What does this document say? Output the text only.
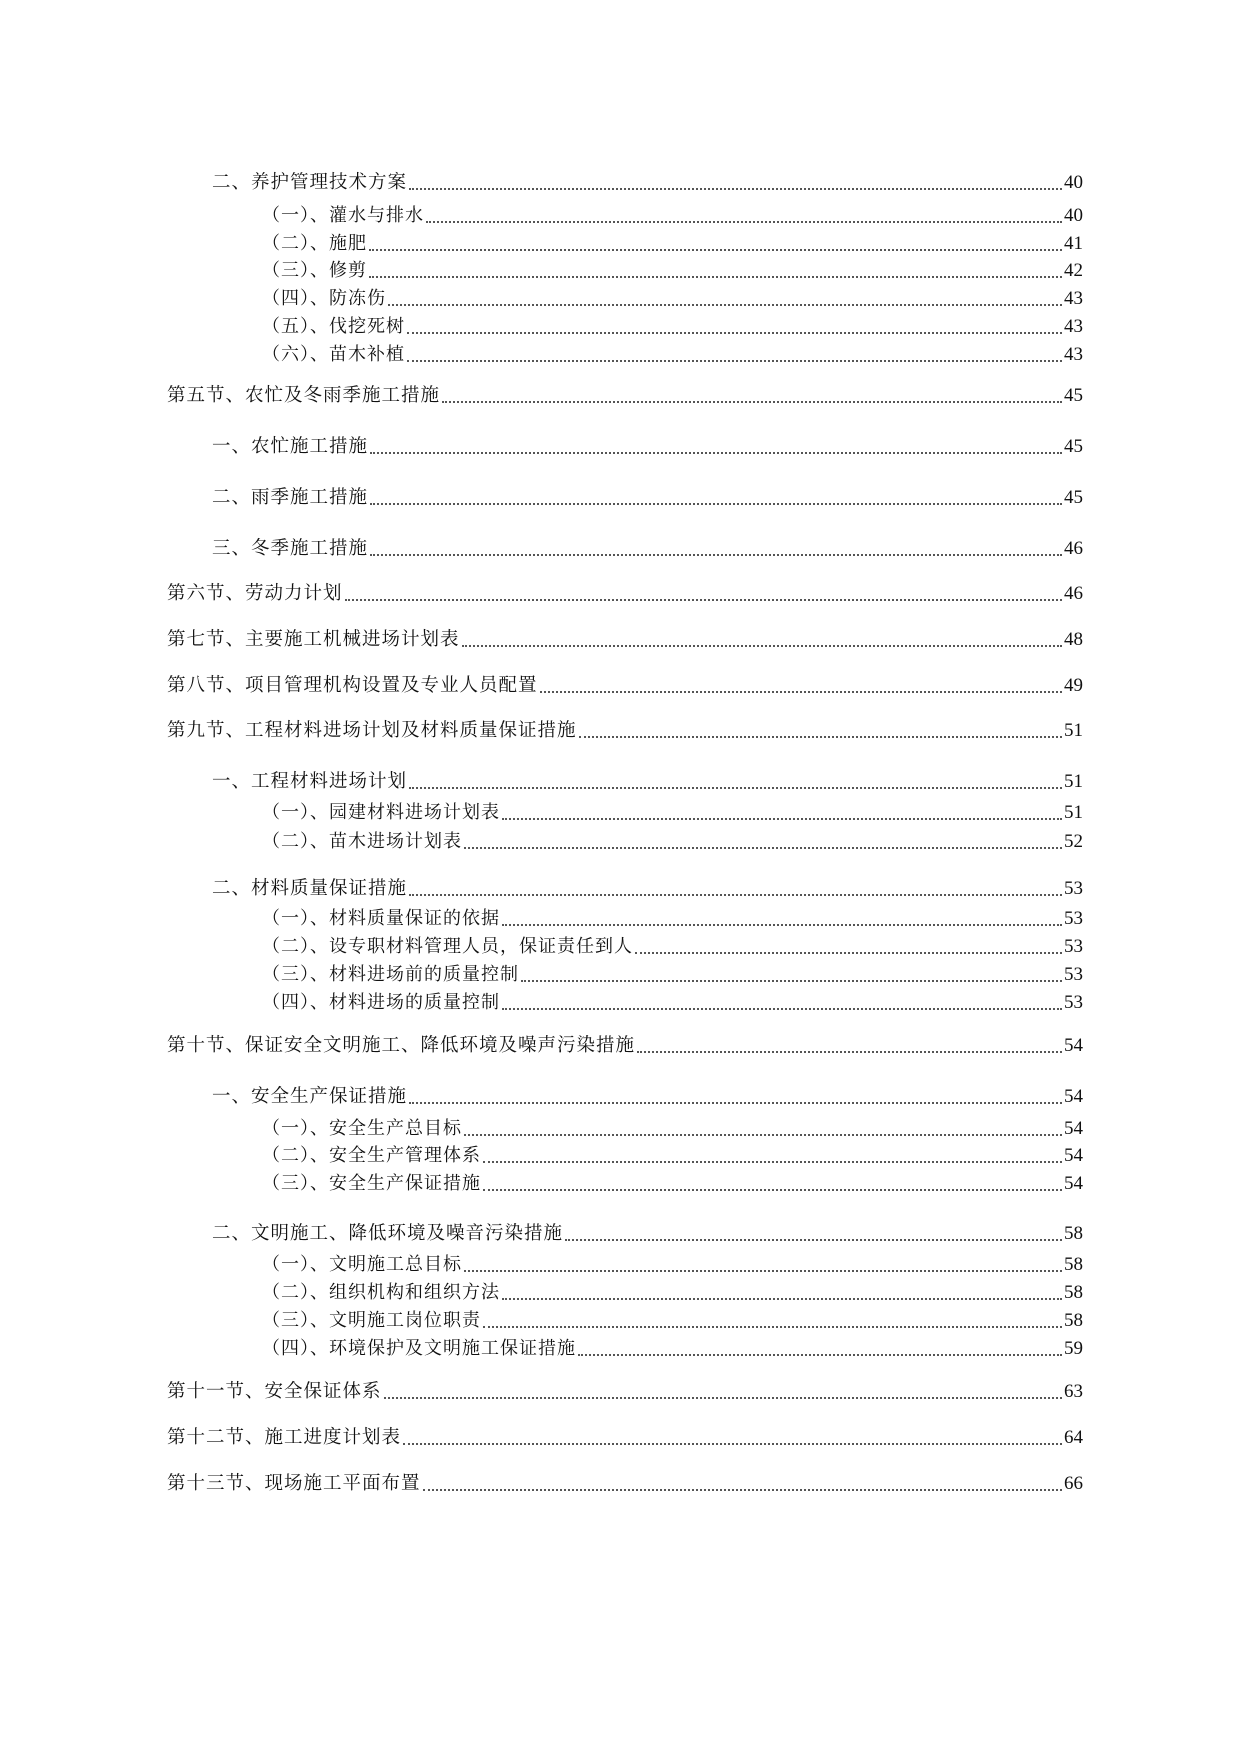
二、养护管理技术方案	40
（一）、灌水与排水	40
（二）、施肥	41
（三）、修剪	42
（四）、防冻伤	43
（五）、伐挖死树	43
（六）、苗木补植	43
第五节、农忙及冬雨季施工措施	45
一、农忙施工措施	45
二、雨季施工措施	45
三、冬季施工措施	46
第六节、劳动力计划	46
第七节、主要施工机械进场计划表	48
第八节、项目管理机构设置及专业人员配置	49
第九节、工程材料进场计划及材料质量保证措施	51
一、工程材料进场计划	51
（一）、园建材料进场计划表	51
（二）、苗木进场计划表	52
二、材料质量保证措施	53
（一）、材料质量保证的依据	53
（二）、设专职材料管理人员，保证责任到人	53
（三）、材料进场前的质量控制	53
（四）、材料进场的质量控制	53
第十节、保证安全文明施工、降低环境及噪声污染措施	54
一、安全生产保证措施	54
（一）、安全生产总目标	54
（二）、安全生产管理体系	54
（三）、安全生产保证措施	54
二、文明施工、降低环境及噪音污染措施	58
（一）、文明施工总目标	58
（二）、组织机构和组织方法	58
（三）、文明施工岗位职责	58
（四）、环境保护及文明施工保证措施	59
第十一节、安全保证体系	63
第十二节、施工进度计划表	64
第十三节、现场施工平面布置	66
